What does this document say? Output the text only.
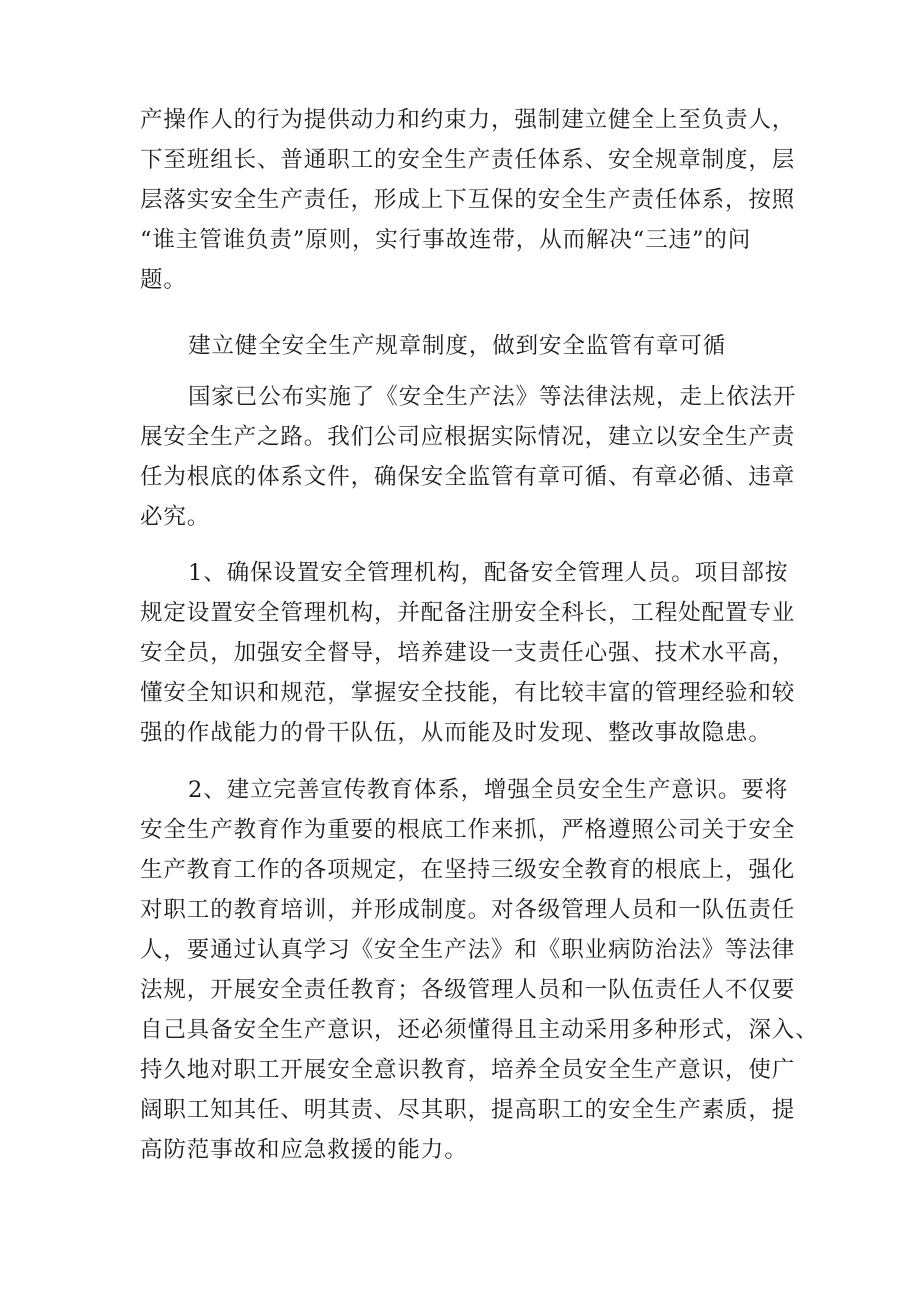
产操作人的行为提供动力和约束力，强制建立健全上至负责人，
下至班组长、普通职工的安全生产责任体系、安全规章制度，层
层落实安全生产责任，形成上下互保的安全生产责任体系，按照
“谁主管谁负责”原则，实行事故连带，从而解决“三违”的问
题。

建立健全安全生产规章制度，做到安全监管有章可循

国家已公布实施了《安全生产法》等法律法规，走上依法开
展安全生产之路。我们公司应根据实际情况，建立以安全生产责
任为根底的体系文件，确保安全监管有章可循、有章必循、违章
必究。

1、确保设置安全管理机构，配备安全管理人员。项目部按
规定设置安全管理机构，并配备注册安全科长，工程处配置专业
安全员，加强安全督导，培养建设一支责任心强、技术水平高，
懂安全知识和规范，掌握安全技能，有比较丰富的管理经验和较
强的作战能力的骨干队伍，从而能及时发现、整改事故隐患。

2、建立完善宣传教育体系，增强全员安全生产意识。要将
安全生产教育作为重要的根底工作来抓，严格遵照公司关于安全
生产教育工作的各项规定，在坚持三级安全教育的根底上，强化
对职工的教育培训，并形成制度。对各级管理人员和一队伍责任
人，要通过认真学习《安全生产法》和《职业病防治法》等法律
法规，开展安全责任教育；各级管理人员和一队伍责任人不仅要
自己具备安全生产意识，还必须懂得且主动采用多种形式，深入、
持久地对职工开展安全意识教育，培养全员安全生产意识，使广
阔职工知其任、明其责、尽其职，提高职工的安全生产素质，提
高防范事故和应急救援的能力。
